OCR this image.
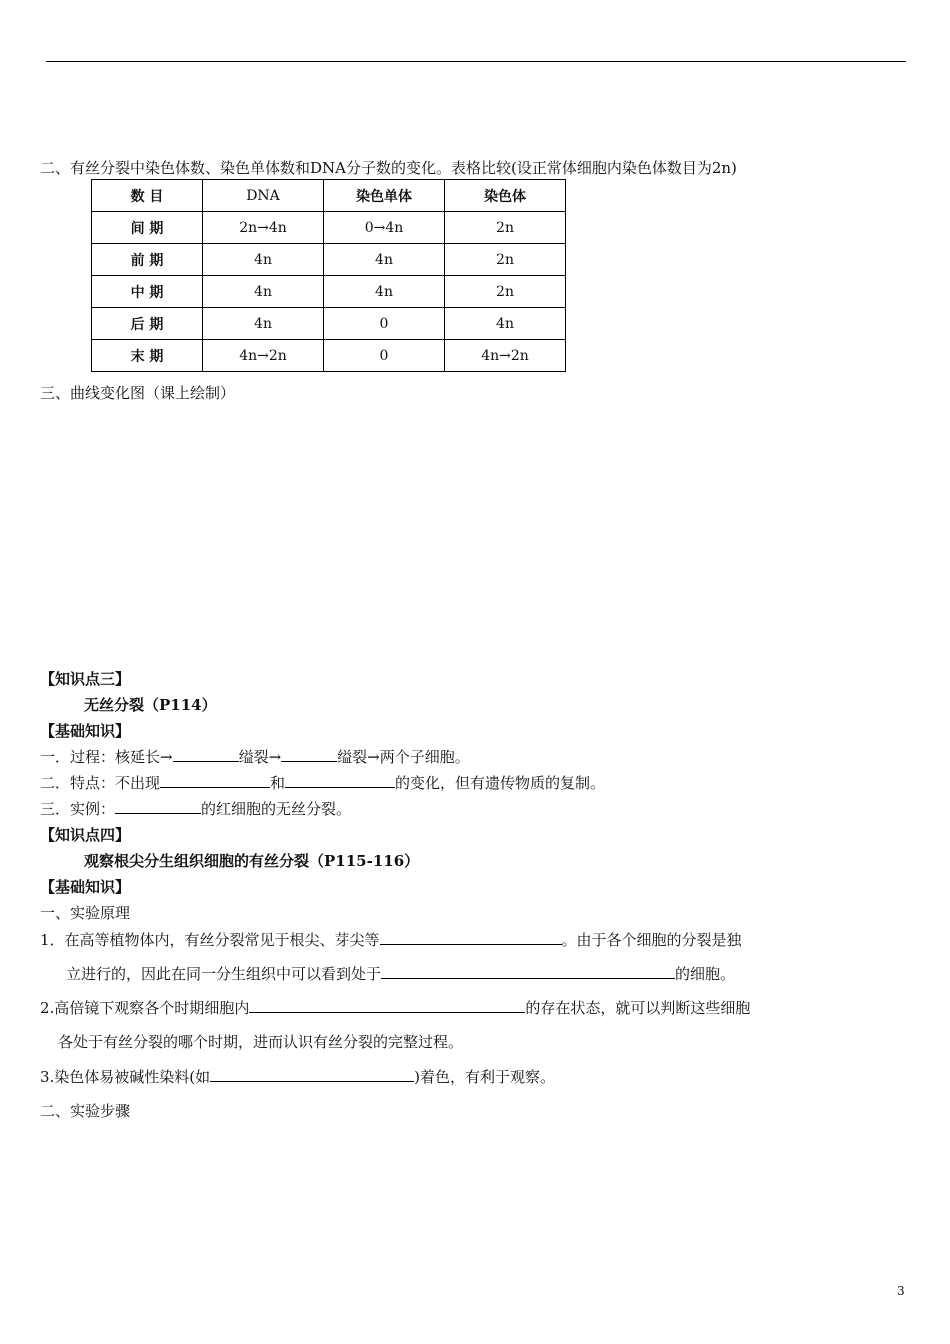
二、有丝分裂中染色体数、染色单体数和DNA分子数的变化。表格比较(设正常体细胞内染色体数目为2n)
数 目	DNA	染色单体	染色体
间 期	2n→4n	0→4n	2n
前 期	4n	4n	2n
中 期	4n	4n	2n
后 期	4n	0	4n
末 期	4n→2n	0	4n→2n
三、曲线变化图（课上绘制）
【知识点三】
无丝分裂（P114）
【基础知识】
一．过程：核延长→	缢裂→	缢裂→两个子细胞。
二．特点：不出现	和	的变化，但有遗传物质的复制。
三．实例：	的红细胞的无丝分裂。
【知识点四】
观察根尖分生组织细胞的有丝分裂（P115-116）
【基础知识】
一、实验原理
1．在高等植物体内，有丝分裂常见于根尖、芽尖等	。由于各个细胞的分裂是独
立进行的，因此在同一分生组织中可以看到处于	的细胞。
2.高倍镜下观察各个时期细胞内	的存在状态，就可以判断这些细胞
各处于有丝分裂的哪个时期，进而认识有丝分裂的完整过程。
3.染色体易被碱性染料(如	)着色，有利于观察。
二、实验步骤
3
